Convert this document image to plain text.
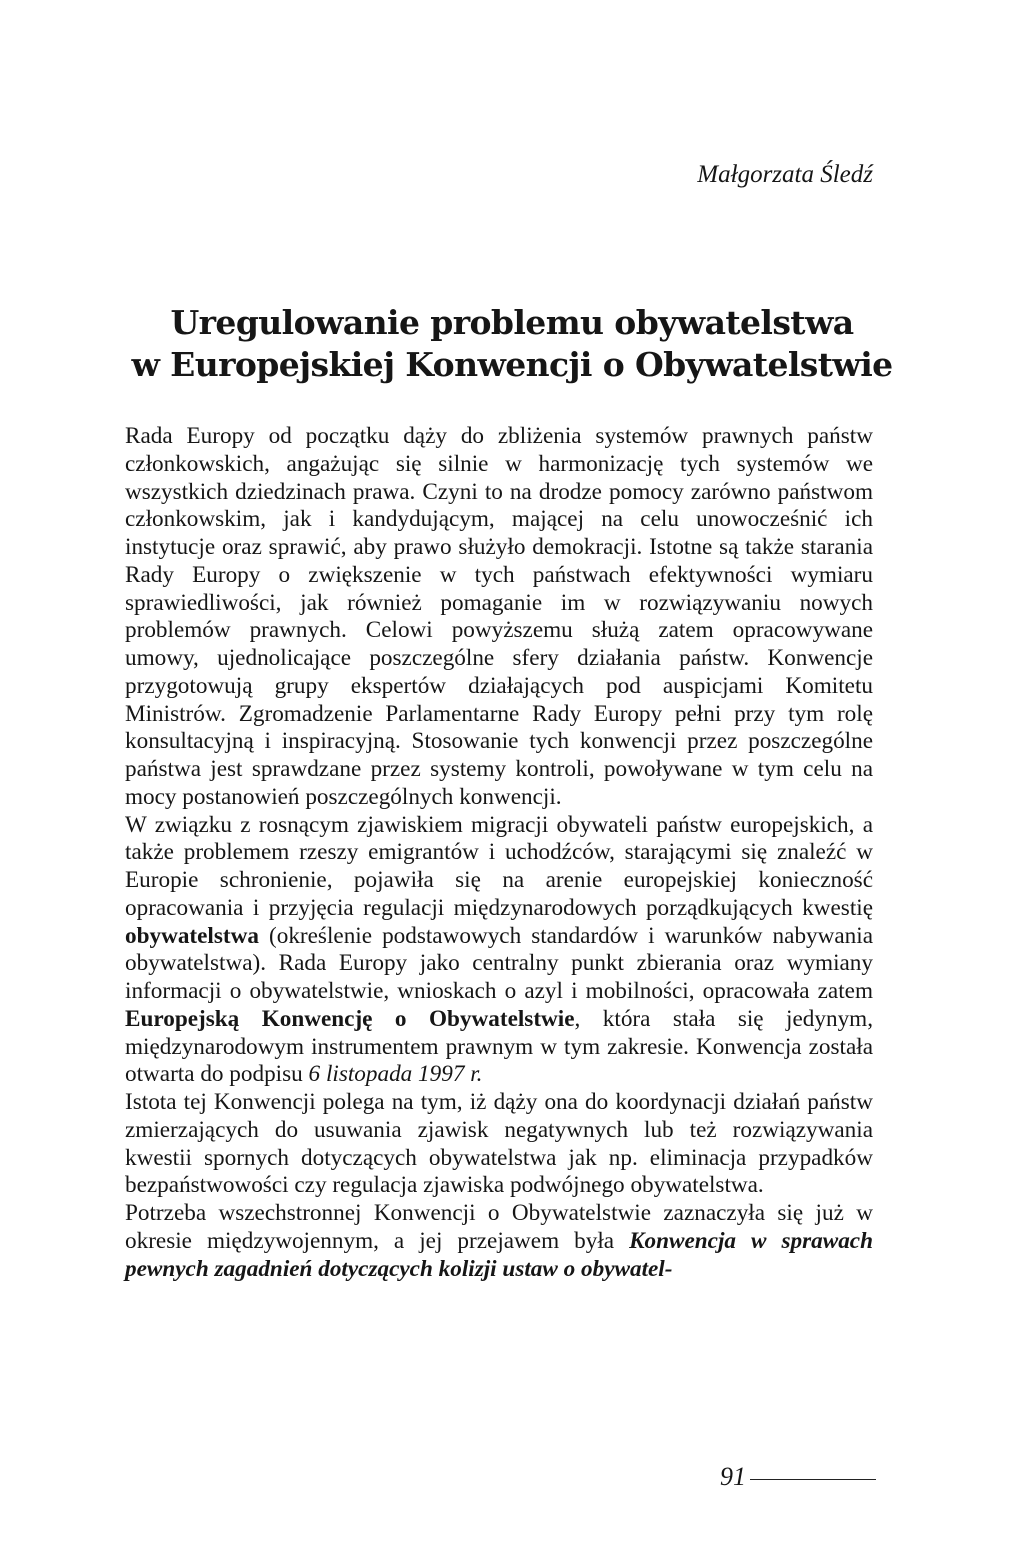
Małgorzata Śledź
Uregulowanie problemu obywatelstwa
w Europejskiej Konwencji o Obywatelstwie

Rada Europy od początku dąży do zbliżenia systemów prawnych państw członkowskich, angażując się silnie w harmonizację tych systemów we wszystkich dziedzinach prawa. Czyni to na drodze pomocy zarówno państwom członkowskim, jak i kandydującym, mającej na celu unowocześnić ich instytucje oraz sprawić, aby prawo służyło demokracji. Istotne są także starania Rady Europy o zwiększenie w tych państwach efektywności wymiaru sprawiedliwości, jak również pomaganie im w rozwiązywaniu nowych problemów prawnych. Celowi powyższemu służą zatem opracowywane umowy, ujednolicające poszczególne sfery działania państw. Konwencje przygotowują grupy ekspertów działających pod auspicjami Komitetu Ministrów. Zgromadzenie Parlamentarne Rady Europy pełni przy tym rolę konsultacyjną i inspiracyjną. Stosowanie tych konwencji przez poszczególne państwa jest sprawdzane przez systemy kontroli, powoływane w tym celu na mocy postanowień poszczególnych konwencji.

W związku z rosnącym zjawiskiem migracji obywateli państw europejskich, a także problemem rzeszy emigrantów i uchodźców, starającymi się znaleźć w Europie schronienie, pojawiła się na arenie europejskiej konieczność opracowania i przyjęcia regulacji międzynarodowych porządkujących kwestię obywatelstwa (określenie podstawowych standardów i warunków nabywania obywatelstwa). Rada Europy jako centralny punkt zbierania oraz wymiany informacji o obywatelstwie, wnioskach o azyl i mobilności, opracowała zatem Europejską Konwencję o Obywatelstwie, która stała się jedynym, międzynarodowym instrumentem prawnym w tym zakresie. Konwencja została otwarta do podpisu 6 listopada 1997 r.

Istota tej Konwencji polega na tym, iż dąży ona do koordynacji działań państw zmierzających do usuwania zjawisk negatywnych lub też rozwiązywania kwestii spornych dotyczących obywatelstwa jak np. eliminacja przypadków bezpaństwowości czy regulacja zjawiska podwójnego obywatelstwa.

Potrzeba wszechstronnej Konwencji o Obywatelstwie zaznaczyła się już w okresie międzywojennym, a jej przejawem była Konwencja w sprawach pewnych zagadnień dotyczących kolizji ustaw o obywatel-

91
